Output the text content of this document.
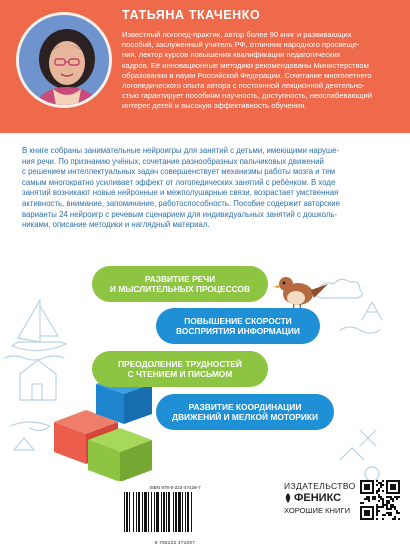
ТАТЬЯНА ТКАЧЕНКО
Известный логопед-практик, автор более 90 книг и развивающих
пособий, заслуженный учитель РФ, отличник народного просвеще-
ния, лектор курсов повышения квалификации педагогических
кадров. Её инновационные методики рекомендованы Министерством
образования и науки Российской Федерации. Сочетание многолетнего
логопедического опыта автора с постоянной лекционной деятельно-
стью гарантирует пособиям научность, доступность, неослабевающий
интерес детей и высокую эффективность обучения.
В книге собраны занимательные нейроигры для занятий с детьми, имеющими наруше-
ния речи. По признанию учёных, сочетание разнообразных пальчиковых движений
с решением интеллектуальных задач совершенствует механизмы работы мозга и тем
самым многократно усиливает эффект от логопедических занятий с ребёнком. В ходе
занятий возникают новые нейронные и межполушарные связи, возрастает умственная
активность, внимание, запоминание, работоспособность. Пособие содержит авторские
варианты 24 нейроигр с речевым сценарием для индивидуальных занятий с дошколь-
никами, описание методики и наглядный материал.
РАЗВИТИЕ РЕЧИ
И МЫСЛИТЕЛЬНЫХ ПРОЦЕССОВ
ПОВЫШЕНИЕ СКОРОСТИ
ВОСПРИЯТИЯ ИНФОРМАЦИИ
ПРЕОДОЛЕНИЕ ТРУДНОСТЕЙ
С ЧТЕНИЕМ И ПИСЬМОМ
РАЗВИТИЕ КООРДИНАЦИИ
ДВИЖЕНИЙ И МЕЛКОЙ МОТОРИКИ
ISBN 978-5-222-47429-7
9 785222 474297
ИЗДАТЕЛЬСТВО
ФЕНИКС
ХОРОШИЕ КНИГИ
